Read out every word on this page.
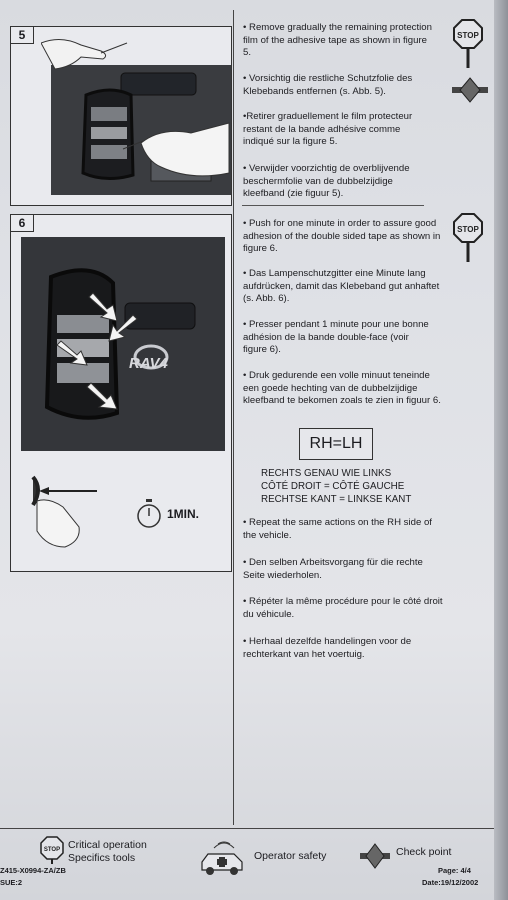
5
6
RAV4
1MIN.
• Remove gradually the remaining protection film of the adhesive tape as shown in figure 5.
• Vorsichtig die restliche Schutzfolie des Klebebands entfernen (s. Abb. 5).
•Retirer graduellement le film protecteur restant de la bande adhésive comme indiqué sur la figure 5.
• Verwijder voorzichtig de overblijvende beschermfolie van de dubbelzijdige kleefband (zie figuur 5).
• Push for one minute in order to assure good adhesion of the double sided tape as shown in figure 6.
• Das Lampenschutzgitter eine Minute lang aufdrücken, damit das Klebeband gut anhaftet (s. Abb. 6).
• Presser pendant 1 minute pour une bonne adhésion de la bande double-face (voir figure 6).
• Druk gedurende een volle minuut teneinde een goede hechting van de dubbelzijdige kleefband te bekomen zoals te zien in figuur 6.
RH=LH
RECHTS GENAU WIE LINKS
CÔTÉ DROIT = CÔTÉ GAUCHE
RECHTSE KANT = LINKSE KANT
• Repeat the same actions on the RH side of the vehicle.
• Den selben Arbeitsvorgang für die rechte Seite wiederholen.
• Répéter la même procédure pour le côté droit du véhicule.
• Herhaal dezelfde handelingen voor de rechterkant van het voertuig.
STOP
STOP
STOP Critical operation
Specifics tools	Operator safety	Check point
Z415-X0994-ZA/ZB
SUE:2
Page: 4/4
Date:19/12/2002
